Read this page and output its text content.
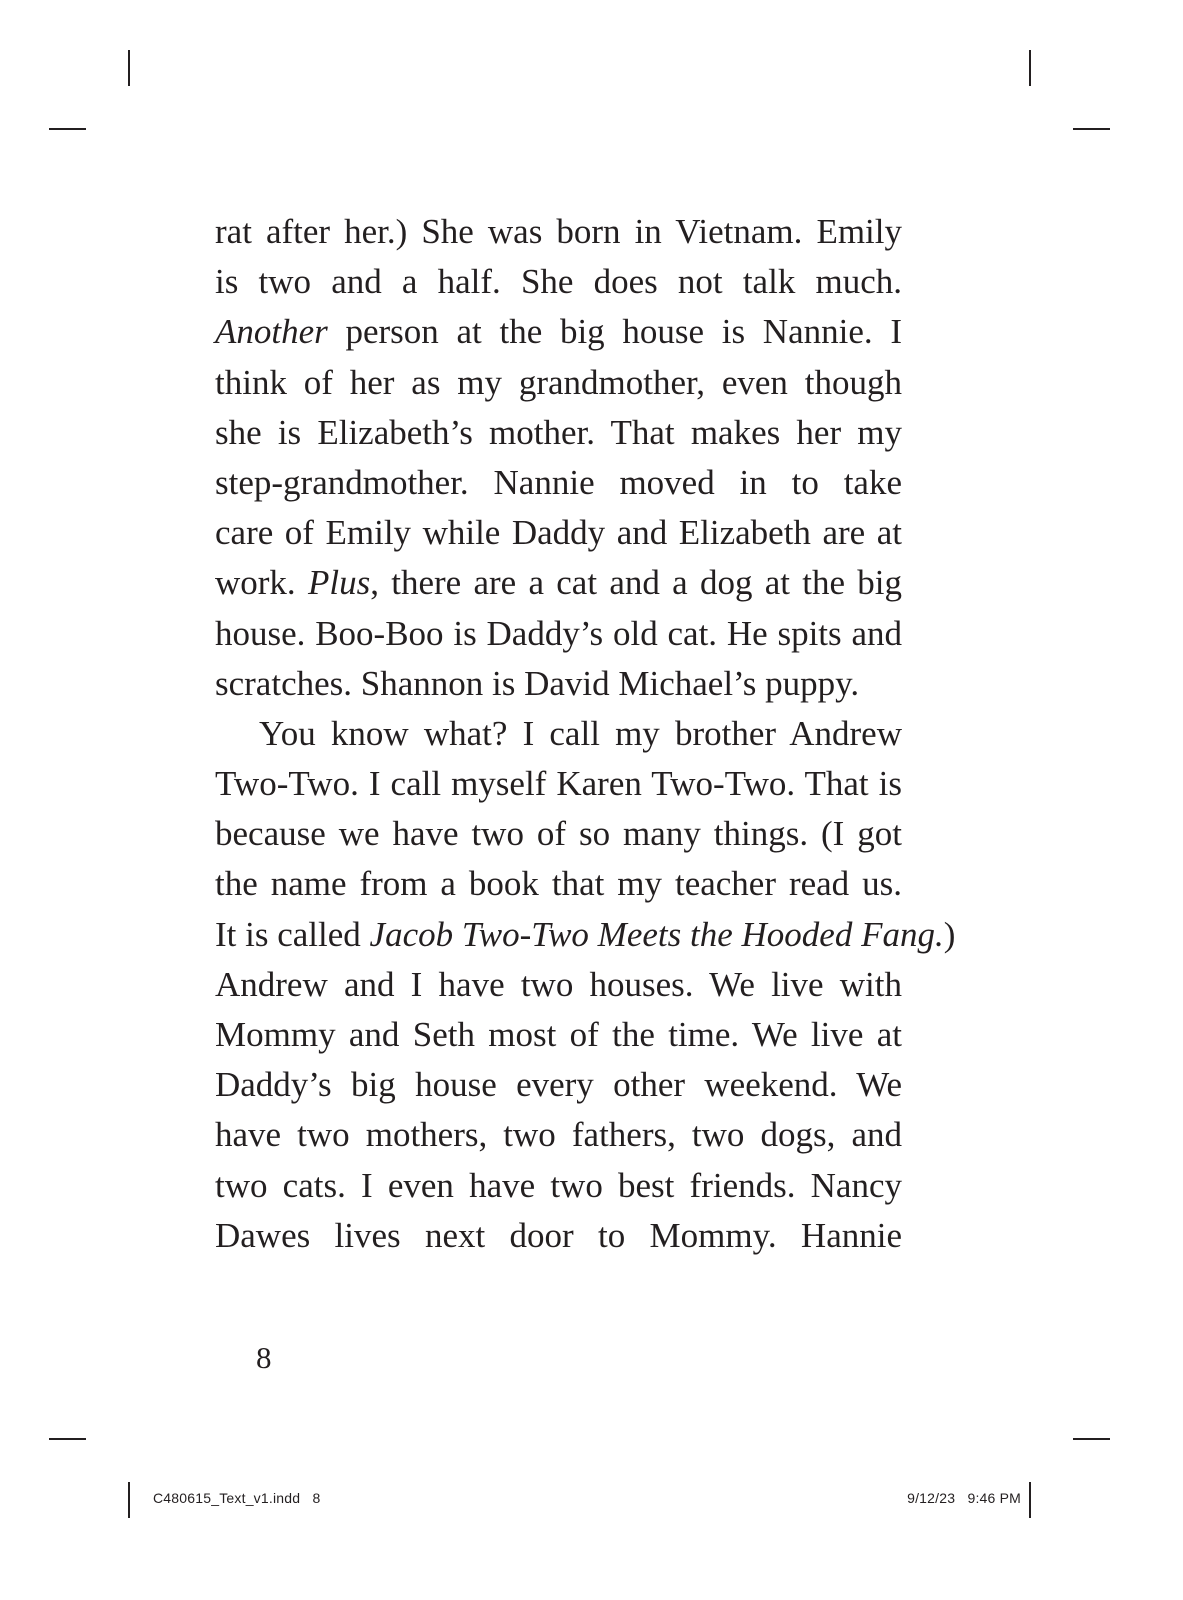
rat after her.) She was born in Vietnam. Emily
is two and a half. She does not talk much.
Another person at the big house is Nannie. I
think of her as my grandmother, even though
she is Elizabeth’s mother. That makes her my
step-grandmother. Nannie moved in to take
care of Emily while Daddy and Elizabeth are at
work. Plus, there are a cat and a dog at the big
house. Boo-Boo is Daddy’s old cat. He spits and
scratches. Shannon is David Michael’s puppy.
You know what? I call my brother Andrew
Two-Two. I call myself Karen Two-Two. That is
because we have two of so many things. (I got
the name from a book that my teacher read us.
It is called Jacob Two-Two Meets the Hooded Fang.)
Andrew and I have two houses. We live with
Mommy and Seth most of the time. We live at
Daddy’s big house every other weekend. We
have two mothers, two fathers, two dogs, and
two cats. I even have two best friends. Nancy
Dawes lives next door to Mommy. Hannie
8
C480615_Text_v1.indd   8	9/12/23   9:46 PM
